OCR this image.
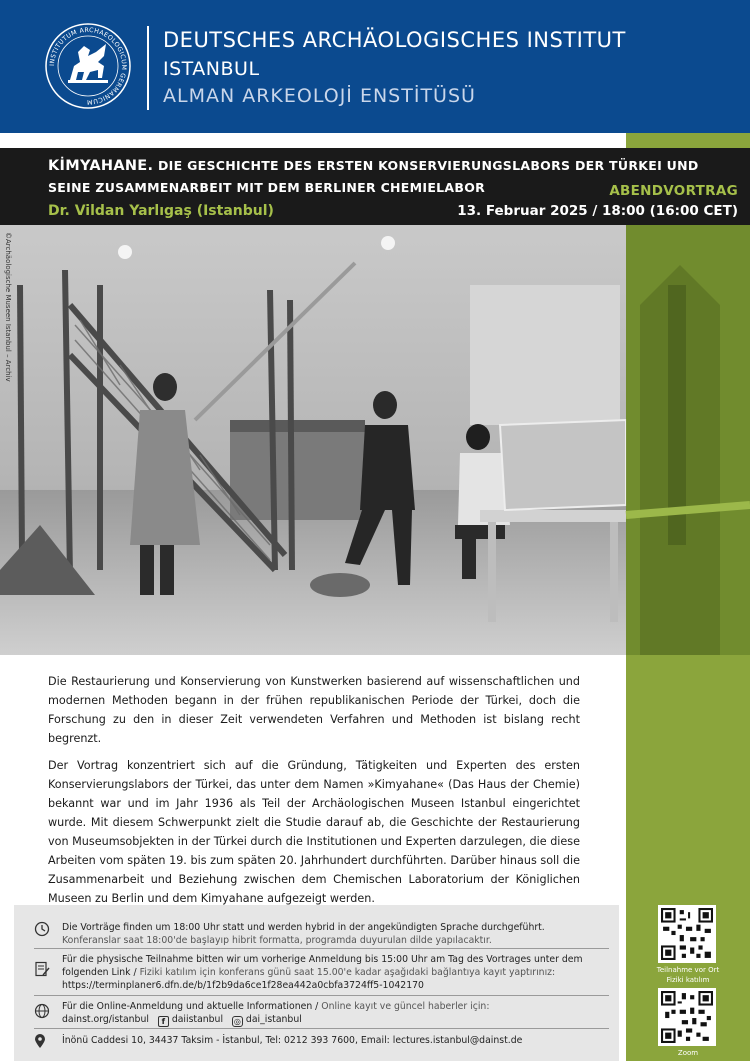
INSTITUTUM ARCHAEOLOGICUM GERMANICUM
DEUTSCHES ARCHÄOLOGISCHES INSTITUT
ISTANBUL
ALMAN ARKEOLOJİ ENSTİTÜSÜ
KİMYAHANE. DIE GESCHICHTE DES ERSTEN KONSERVIERUNGSLABORS DER TÜRKEI UND SEINE ZUSAMMENARBEIT MIT DEM BERLINER CHEMIELABOR	ABENDVORTRAG
Dr. Vildan Yarlıgaş (Istanbul)	13. Februar 2025 / 18:00 (16:00 CET)
©Archäologische Museen Istanbul – Archiv

Die Restaurierung und Konservierung von Kunstwerken basierend auf wissenschaftlichen und modernen Methoden begann in der frühen republikanischen Periode der Türkei, doch die Forschung zu den in dieser Zeit verwendeten Verfahren und Methoden ist bislang recht begrenzt.

Der Vortrag konzentriert sich auf die Gründung, Tätigkeiten und Experten des ersten Konservierungslabors der Türkei, das unter dem Namen »Kimyahane« (Das Haus der Chemie) bekannt war und im Jahr 1936 als Teil der Archäologischen Museen Istanbul eingerichtet wurde. Mit diesem Schwerpunkt zielt die Studie darauf ab, die Geschichte der Restaurierung von Museumsobjekten in der Türkei durch die Institutionen und Experten darzulegen, die diese Arbeiten vom späten 19. bis zum späten 20. Jahrhundert durchführten. Darüber hinaus soll die Zusammenarbeit und Beziehung zwischen dem Chemischen Laboratorium der Königlichen Museen zu Berlin und dem Kimyahane aufgezeigt werden.

Die Vorträge finden um 18:00 Uhr statt und werden hybrid in der angekündigten Sprache durchgeführt.
Konferanslar saat 18:00'de başlayıp hibrit formatta, programda duyurulan dilde yapılacaktır.
Für die physische Teilnahme bitten wir um vorherige Anmeldung bis 15:00 Uhr am Tag des Vortrages unter dem folgenden Link / Fiziki katılım için konferans günü saat 15.00'e kadar aşağıdaki bağlantıya kayıt yaptırınız:
https://terminplaner6.dfn.de/b/1f2b9da6ce1f28ea442a0cbfa3724ff5-1042170
Für die Online-Anmeldung und aktuelle Informationen / Online kayıt ve güncel haberler için:
dainst.org/istanbul f daiistanbul ◎ dai_istanbul
İnönü Caddesi 10, 34437 Taksim - İstanbul, Tel: 0212 393 7600, Email: lectures.istanbul@dainst.de
Teilnahme vor Ort
Fiziki katılım
Zoom
